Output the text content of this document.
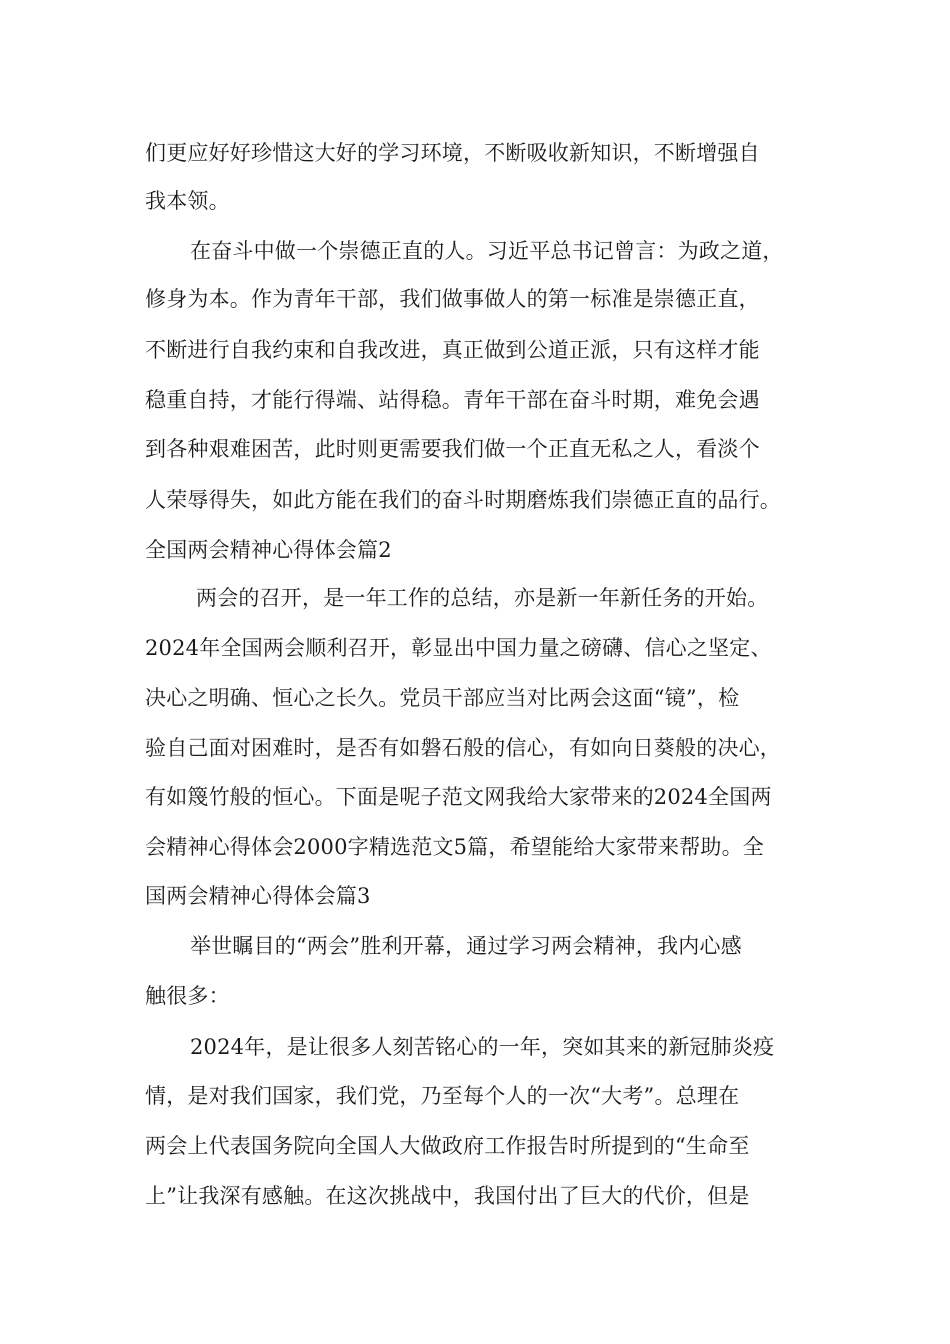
们更应好好珍惜这大好的学习环境，不断吸收新知识，不断增强自
我本领。
在奋斗中做一个崇德正直的人。习近平总书记曾言：为政之道，
修身为本。作为青年干部，我们做事做人的第一标准是崇德正直，
不断进行自我约束和自我改进，真正做到公道正派，只有这样才能
稳重自持，才能行得端、站得稳。青年干部在奋斗时期，难免会遇
到各种艰难困苦，此时则更需要我们做一个正直无私之人，看淡个
人荣辱得失，如此方能在我们的奋斗时期磨炼我们崇德正直的品行。
全国两会精神心得体会篇2
两会的召开，是一年工作的总结，亦是新一年新任务的开始。
2024年全国两会顺利召开，彰显出中国力量之磅礴、信心之坚定、
决心之明确、恒心之长久。党员干部应当对比两会这面“镜”，检
验自己面对困难时，是否有如磐石般的信心，有如向日葵般的决心，
有如篾竹般的恒心。下面是呢子范文网我给大家带来的2024全国两
会精神心得体会2000字精选范文5篇，希望能给大家带来帮助。全
国两会精神心得体会篇3
举世瞩目的“两会”胜利开幕，通过学习两会精神，我内心感
触很多：
2024年，是让很多人刻苦铭心的一年，突如其来的新冠肺炎疫
情，是对我们国家，我们党，乃至每个人的一次“大考”。总理在
两会上代表国务院向全国人大做政府工作报告时所提到的“生命至
上”让我深有感触。在这次挑战中，我国付出了巨大的代价，但是
